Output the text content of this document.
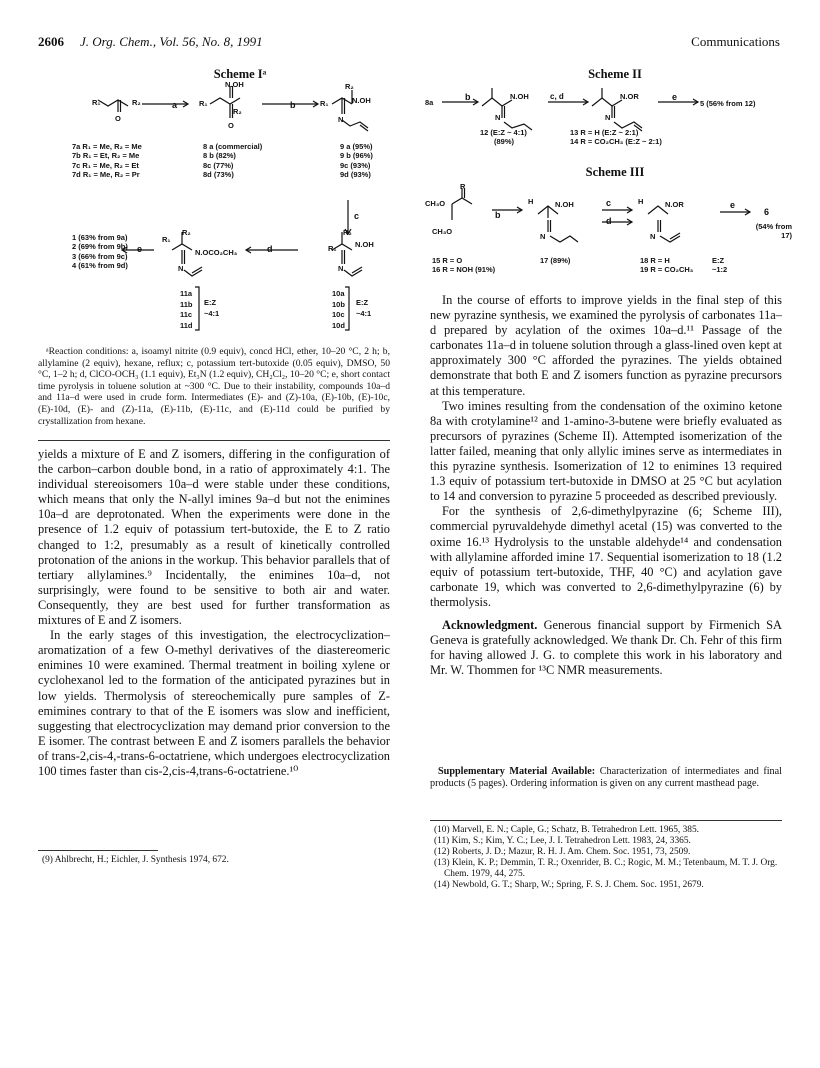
2606 J. Org. Chem., Vol. 56, No. 8, 1991	Communications
Scheme Iᵃ
R₁	R₂
O
a	R₁
R₂
N.OH
O
b	R₁
R₂
N.OH
N
7a R₁ = Me, R₂ = Me
7b R₁ = Et, R₂ = Me
7c R₁ = Me, R₂ = Et
7d R₁ = Me, R₂ = Pr
8 a (commercial)
8 b (82%)
8c (77%)
8d (73%)
9 a (95%)
9 b (96%)
9c (93%)
9d (93%)
c
1 (63% from 9a)
2 (69% from 9b)
3 (66% from 9c)
4 (61% from 9d)
e
R₁
R₂
N.OCO₂CH₃
N
d	R₁
R₂
N.OH
N
11a
11b
11c
11d
E:Z
~4:1
10a
10b
10c
10d
E:Z
~4:1

ᵃReaction conditions: a, isoamyl nitrite (0.9 equiv), concd HCl, ether, 10–20 °C, 2 h; b, allylamine (2 equiv), hexane, reflux; c, potassium tert-butoxide (0.05 equiv), DMSO, 50 °C, 1–2 h; d, ClCO-OCH₃ (1.1 equiv), Et₃N (1.2 equiv), CH₂Cl₂, 10–20 °C; e, short contact time pyrolysis in toluene solution at ~300 °C. Due to their instability, compounds 10a–d and 11a–d were used in crude form. Intermediates (E)- and (Z)-10a, (E)-10b, (E)-10c, (E)-10d, (E)- and (Z)-11a, (E)-11b, (E)-11c, and (E)-11d could be purified by crystallization from hexane.

yields a mixture of E and Z isomers, differing in the configuration of the carbon–carbon double bond, in a ratio of approximately 4:1. The individual stereoisomers 10a–d were stable under these conditions, which means that only the N-allyl imines 9a–d but not the enimines 10a–d are deprotonated. When the experiments were done in the presence of 1.2 equiv of potassium tert-butoxide, the E to Z ratio changed to 1:2, presumably as a result of kinetically controlled protonation of the anions in the workup. This behavior parallels that of tertiary allylamines.⁹ Incidentally, the enimines 10a–d, not surprisingly, were found to be sensitive to both air and water. Consequently, they are best used for further transformation as mixtures of E and Z isomers.

In the early stages of this investigation, the electrocyclization–aromatization of a few O-methyl derivatives of the diastereomeric enimines 10 were examined. Thermal treatment in boiling xylene or cyclohexanol led to the formation of the anticipated pyrazines but in low yields. Thermolysis of stereochemically pure samples of Z-emimines contrary to that of the E isomers was slow and inefficient, suggesting that electrocyclization may demand prior conversion to the E isomer. The contrast between E and Z isomers parallels the behavior of trans-2,cis-4,-trans-6-octatriene, which undergoes electrocyclization 100 times faster than cis-2,cis-4,trans-6-octatriene.¹⁰

(9) Ahlbrecht, H.; Eichler, J. Synthesis 1974, 672.

Scheme II
8a
b	N.OH
N
c, d	N.OR
N
e
5 (56% from 12)
12 (E:Z ~ 4:1)
(89%)
13 R = H (E:Z ~ 2:1)
14 R = CO₂CH₃ (E:Z ~ 2:1)
Scheme III
CH₃O
CH₃O
R
b
H	N.OH
N
c
d
H	N.OR
N
e
6
(54% from 17)
15 R = O
16 R = NOH (91%)
17 (89%)	18 R = H
19 R = CO₂CH₃
E:Z
~1:2

In the course of efforts to improve yields in the final step of this new pyrazine synthesis, we examined the pyrolysis of carbonates 11a–d prepared by acylation of the oximes 10a–d.¹¹ Passage of the carbonates 11a–d in toluene solution through a glass-lined oven kept at approximately 300 °C afforded the pyrazines. The yields obtained demonstrate that both E and Z isomers function as pyrazine precursors at this temperature.

Two imines resulting from the condensation of the oximino ketone 8a with crotylamine¹² and 1-amino-3-butene were briefly evaluated as precursors of pyrazines (Scheme II). Attempted isomerization of the latter failed, meaning that only allylic imines serve as intermediates in this pyrazine synthesis. Isomerization of 12 to enimines 13 required 1.3 equiv of potassium tert-butoxide in DMSO at 25 °C but acylation to 14 and conversion to pyrazine 5 proceeded as described previously.

For the synthesis of 2,6-dimethylpyrazine (6; Scheme III), commercial pyruvaldehyde dimethyl acetal (15) was converted to the oxime 16.¹³ Hydrolysis to the unstable aldehyde¹⁴ and condensation with allylamine afforded imine 17. Sequential isomerization to 18 (1.2 equiv of potassium tert-butoxide, THF, 40 °C) and acylation gave carbonate 19, which was converted to 2,6-dimethylpyrazine (6) by thermolysis.

Acknowledgment. Generous financial support by Firmenich SA Geneva is gratefully acknowledged. We thank Dr. Ch. Fehr of this firm for having allowed J. G. to complete this work in his laboratory and Mr. W. Thommen for ¹³C NMR measurements.

Supplementary Material Available: Characterization of intermediates and final products (5 pages). Ordering information is given on any current masthead page.

(10) Marvell, E. N.; Caple, G.; Schatz, B. Tetrahedron Lett. 1965, 385.

(11) Kim, S.; Kim, Y. C.; Lee, J. I. Tetrahedron Lett. 1983, 24, 3365.

(12) Roberts, J. D.; Mazur, R. H. J. Am. Chem. Soc. 1951, 73, 2509.

(13) Klein, K. P.; Demmin, T. R.; Oxenrider, B. C.; Rogic, M. M.; Tetenbaum, M. T. J. Org. Chem. 1979, 44, 275.

(14) Newbold, G. T.; Sharp, W.; Spring, F. S. J. Chem. Soc. 1951, 2679.
